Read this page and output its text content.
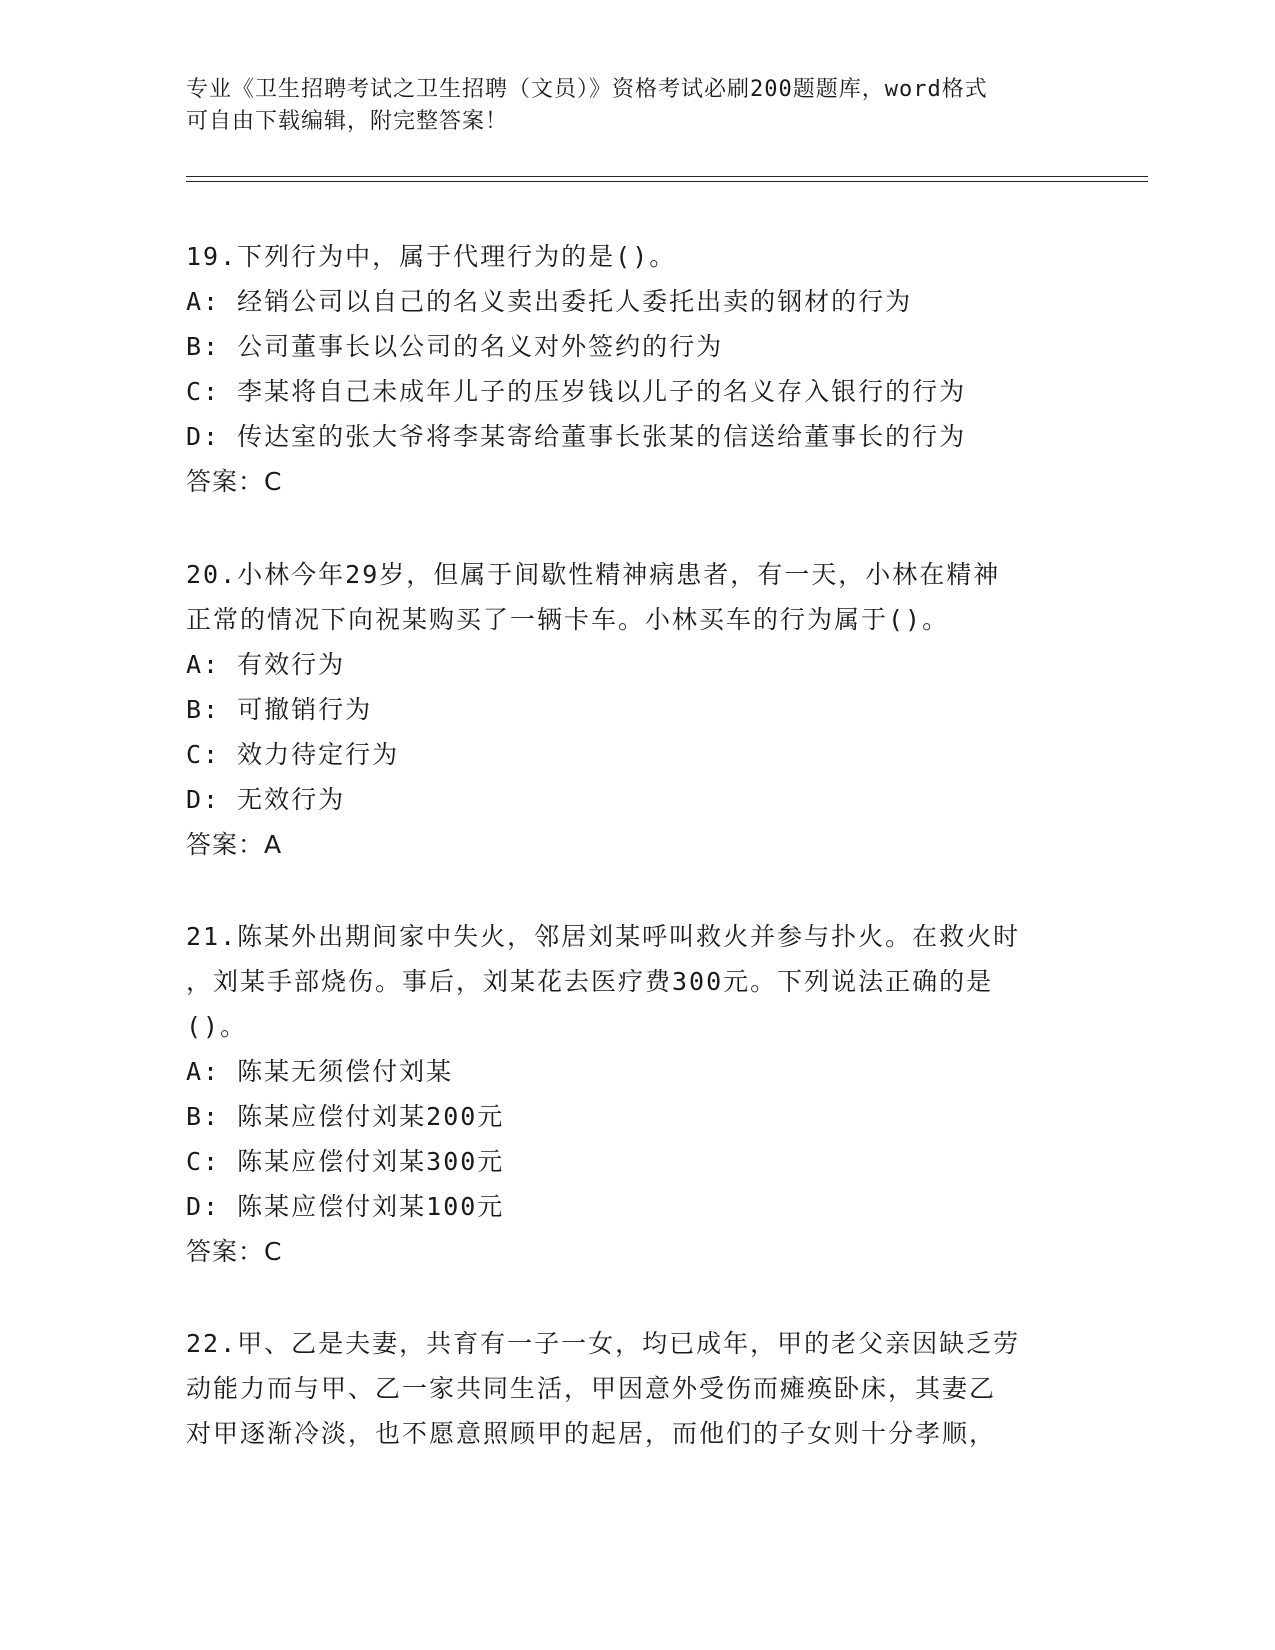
专业《卫生招聘考试之卫生招聘（文员）》资格考试必刷200题题库，word格式
可自由下载编辑，附完整答案！

19.下列行为中，属于代理行为的是()。

A: 经销公司以自己的名义卖出委托人委托出卖的钢材的行为

B: 公司董事长以公司的名义对外签约的行为

C: 李某将自己未成年儿子的压岁钱以儿子的名义存入银行的行为

D: 传达室的张大爷将李某寄给董事长张某的信送给董事长的行为

答案：C

20.小林今年29岁，但属于间歇性精神病患者，有一天，小林在精神

正常的情况下向祝某购买了一辆卡车。小林买车的行为属于()。

A: 有效行为

B: 可撤销行为

C: 效力待定行为

D: 无效行为

答案：A

21.陈某外出期间家中失火，邻居刘某呼叫救火并参与扑火。在救火时

，刘某手部烧伤。事后，刘某花去医疗费300元。下列说法正确的是

()。

A: 陈某无须偿付刘某

B: 陈某应偿付刘某200元

C: 陈某应偿付刘某300元

D: 陈某应偿付刘某100元

答案：C

22.甲、乙是夫妻，共育有一子一女，均已成年，甲的老父亲因缺乏劳

动能力而与甲、乙一家共同生活，甲因意外受伤而瘫痪卧床，其妻乙

对甲逐渐冷淡，也不愿意照顾甲的起居，而他们的子女则十分孝顺，
